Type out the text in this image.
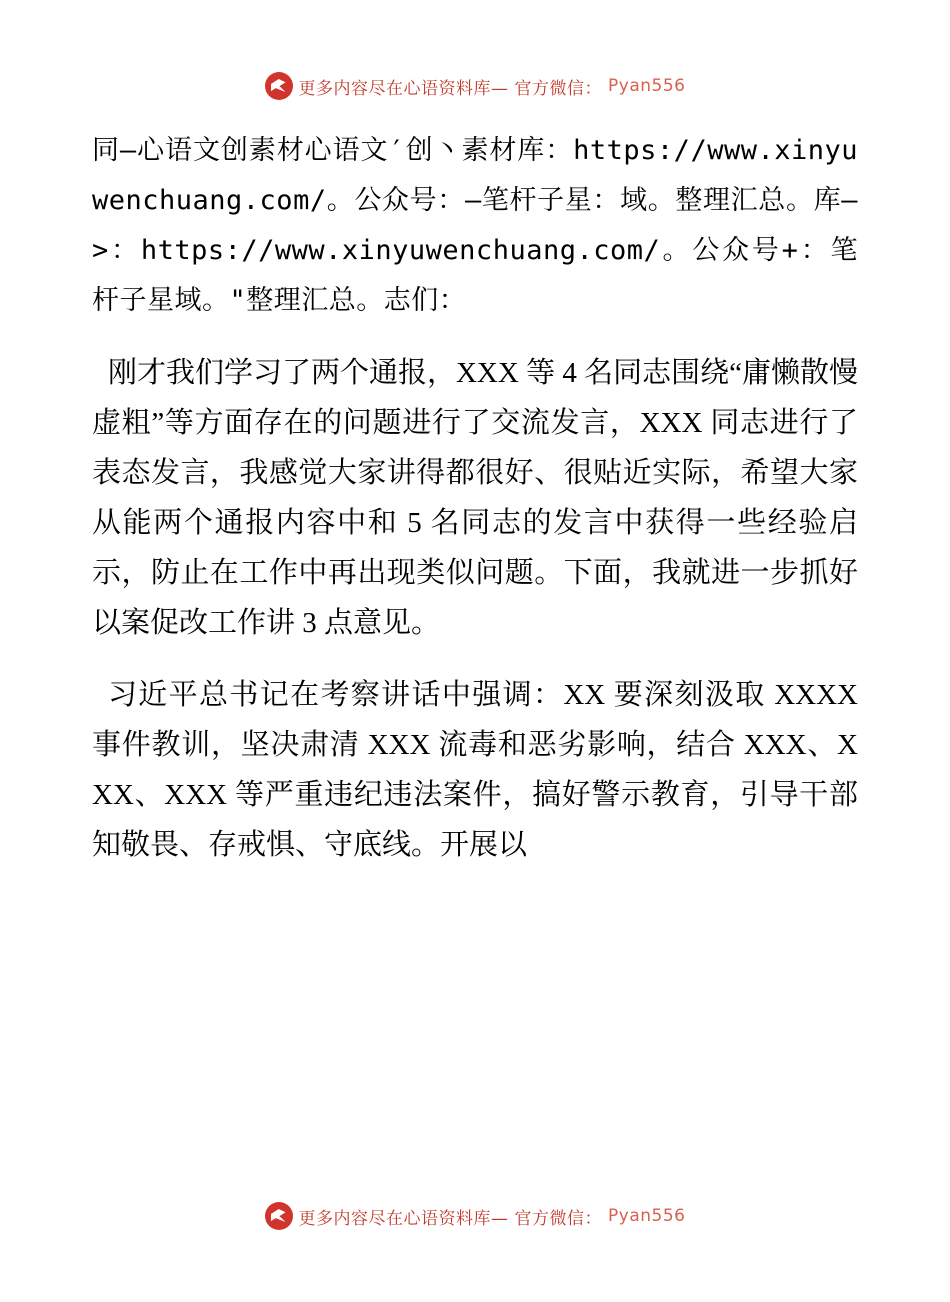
更多内容尽在心语资料库— 官方微信： Pyan556

同—心语文创素材心语文′创丶素材库：https://www.xinyuwenchuang.com/。公众号：—笔杆子星：域。整理汇总。库—>：https://www.xinyuwenchuang.com/。公众号+：笔杆子星域。"整理汇总。志们：

刚才我们学习了两个通报，XXX 等 4 名同志围绕“庸懒散慢虚粗”等方面存在的问题进行了交流发言，XXX 同志进行了表态发言，我感觉大家讲得都很好、很贴近实际，希望大家从能两个通报内容中和 5 名同志的发言中获得一些经验启示，防止在工作中再出现类似问题。下面，我就进一步抓好以案促改工作讲 3 点意见。

习近平总书记在考察讲话中强调：XX 要深刻汲取 XXXX 事件教训，坚决肃清 XXX 流毒和恶劣影响，结合 XXX、XXX、XXX 等严重违纪违法案件，搞好警示教育，引导干部知敬畏、存戒惧、守底线。开展以

更多内容尽在心语资料库— 官方微信： Pyan556
